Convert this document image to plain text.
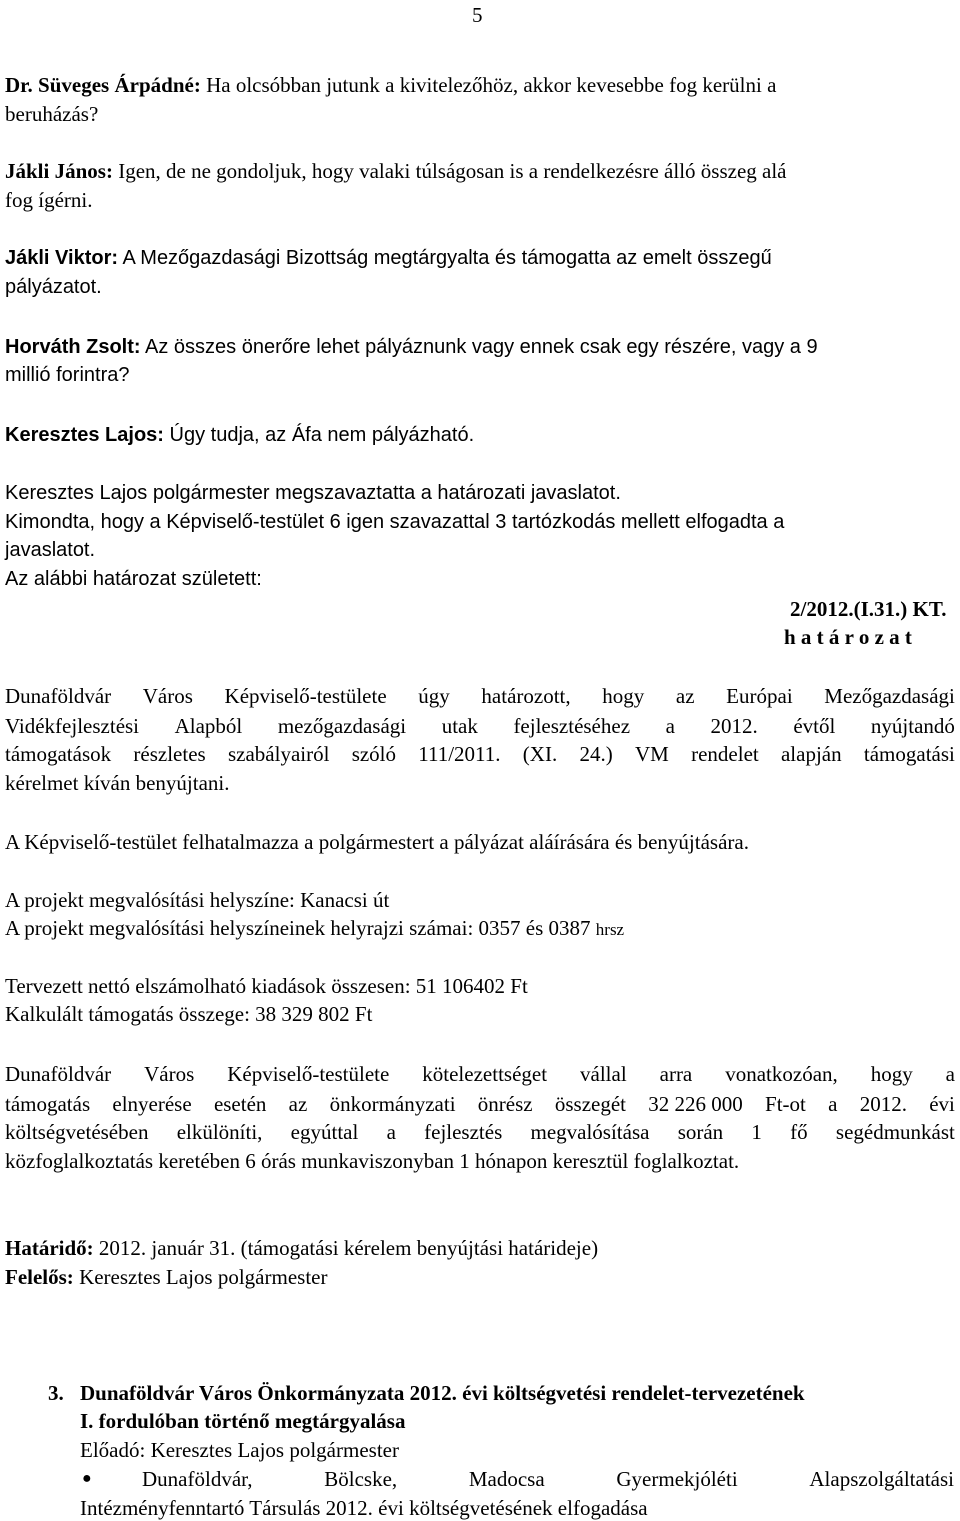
5
Dr. Süveges Árpádné: Ha olcsóbban jutunk a kivitelezőhöz, akkor kevesebbe fog kerülni a
beruházás?
Jákli János: Igen, de ne gondoljuk, hogy valaki túlságosan is a rendelkezésre álló összeg alá
fog ígérni.
Jákli Viktor: A Mezőgazdasági Bizottság megtárgyalta és támogatta az emelt összegű
pályázatot.
Horváth Zsolt: Az összes önerőre lehet pályáznunk vagy ennek csak egy részére, vagy a 9
millió forintra?
Keresztes Lajos: Úgy tudja, az Áfa nem pályázható.
Keresztes Lajos polgármester megszavaztatta a határozati javaslatot.
Kimondta, hogy a Képviselő-testület 6 igen szavazattal 3 tartózkodás mellett elfogadta a
javaslatot.
Az alábbi határozat született:
2/2012.(I.31.) KT.
h a t á r o z a t
Dunaföldvár Város Képviselő-testülete úgy határozott, hogy az Európai Mezőgazdasági
Vidékfejlesztési Alapból mezőgazdasági utak fejlesztéséhez a 2012. évtől nyújtandó
támogatások részletes szabályairól szóló 111/2011. (XI. 24.) VM rendelet alapján támogatási
kérelmet kíván benyújtani.
A Képviselő-testület felhatalmazza a polgármestert a pályázat aláírására és benyújtására.
A projekt megvalósítási helyszíne: Kanacsi út
A projekt megvalósítási helyszíneinek helyrajzi számai: 0357 és 0387 hrsz
Tervezett nettó elszámolható kiadások összesen: 51 106402 Ft
Kalkulált támogatás összege: 38 329 802 Ft
Dunaföldvár Város Képviselő-testülete kötelezettséget vállal arra vonatkozóan, hogy a
támogatás elnyerése esetén az önkormányzati önrész összegét 32 226 000 Ft-ot a 2012. évi
költségvetésében elkülöníti, egyúttal a fejlesztés megvalósítása során 1 fő segédmunkást
közfoglalkoztatás keretében 6 órás munkaviszonyban 1 hónapon keresztül foglalkoztat.
Határidő: 2012. január 31. (támogatási kérelem benyújtási határideje)
Felelős: Keresztes Lajos polgármester
3. Dunaföldvár Város Önkormányzata 2012. évi költségvetési rendelet-tervezetének
I. fordulóban történő megtárgyalása
Előadó: Keresztes Lajos polgármester
● Dunaföldvár,	Bölcske,	Madocsa	Gyermekjóléti	Alapszolgáltatási
Intézményfenntartó Társulás 2012. évi költségvetésének elfogadása
